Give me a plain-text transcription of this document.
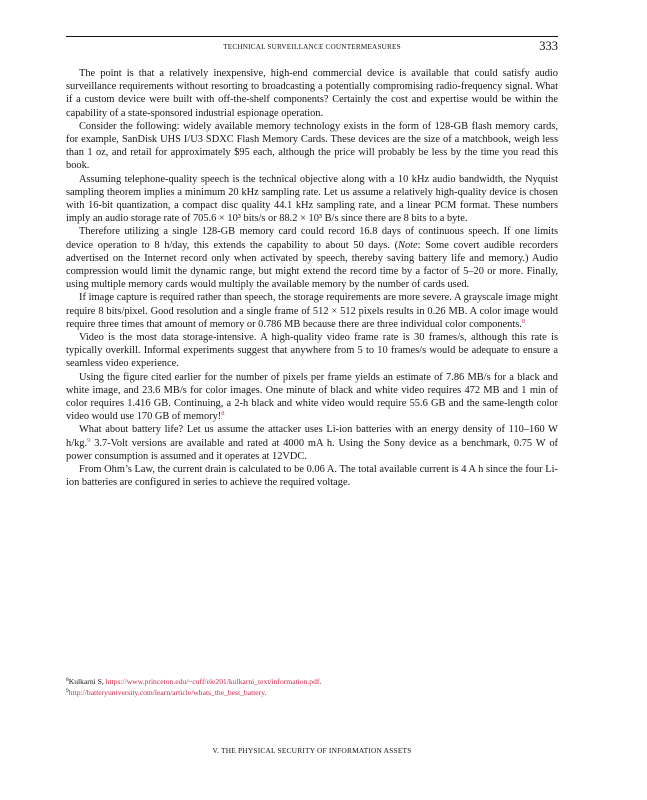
TECHNICAL SURVEILLANCE COUNTERMEASURES	333

The point is that a relatively inexpensive, high-end commercial device is available that could satisfy audio surveillance requirements without resorting to broadcasting a potentially compromising radio-frequency signal. What if a custom device were built with off-the-shelf components? Certainly the cost and expertise would be within the capability of a state-sponsored industrial espionage operation.

Consider the following: widely available memory technology exists in the form of 128-GB flash memory cards, for example, SanDisk UHS I/U3 SDXC Flash Memory Cards. These devices are the size of a matchbook, weigh less than 1 oz, and retail for approximately $95 each, although the price will probably be less by the time you read this book.

Assuming telephone-quality speech is the technical objective along with a 10 kHz audio bandwidth, the Nyquist sampling theorem implies a minimum 20 kHz sampling rate. Let us assume a relatively high-quality device is chosen with 16-bit quantization, a compact disc quality 44.1 kHz sampling rate, and a linear PCM format. These numbers imply an audio storage rate of 705.6 × 10³ bits/s or 88.2 × 10³ B/s since there are 8 bits to a byte.

Therefore utilizing a single 128-GB memory card could record 16.8 days of continuous speech. If one limits device operation to 8 h/day, this extends the capability to about 50 days. (Note: Some covert audible recorders advertised on the Internet record only when activated by speech, thereby saving battery life and memory.) Audio compression would limit the dynamic range, but might extend the record time by a factor of 5–20 or more. Finally, using multiple memory cards would multiply the available memory by the number of cards used.

If image capture is required rather than speech, the storage requirements are more severe. A grayscale image might require 8 bits/pixel. Good resolution and a single frame of 512 × 512 pixels results in 0.26 MB. A color image would require three times that amount of memory or 0.786 MB because there are three individual color components.$^8$

Video is the most data storage-intensive. A high-quality video frame rate is 30 frames/s, although this rate is typically overkill. Informal experiments suggest that anywhere from 5 to 10 frames/s would be adequate to ensure a seamless video experience.

Using the figure cited earlier for the number of pixels per frame yields an estimate of 7.86 MB/s for a black and white image, and 23.6 MB/s for color images. One minute of black and white video requires 472 MB and 1 min of color requires 1.416 GB. Continuing, a 2-h black and white video would require 55.6 GB and the same-length color video would use 170 GB of memory!$^8$

What about battery life? Let us assume the attacker uses Li-ion batteries with an energy density of 110–160 W h/kg.$^9$ 3.7-Volt versions are available and rated at 4000 mA h. Using the Sony device as a benchmark, 0.75 W of power consumption is assumed and it operates at 12VDC.

From Ohm’s Law, the current drain is calculated to be 0.06 A. The total available current is 4 A h since the four Li-ion batteries are configured in series to achieve the required voltage.

$^8$Kulkarni S, https://www.princeton.edu/~cuff/ele201/kulkarni_text/information.pdf.

$^9$http://batteryuniversity.com/learn/article/whats_the_best_battery.

V. THE PHYSICAL SECURITY OF INFORMATION ASSETS
